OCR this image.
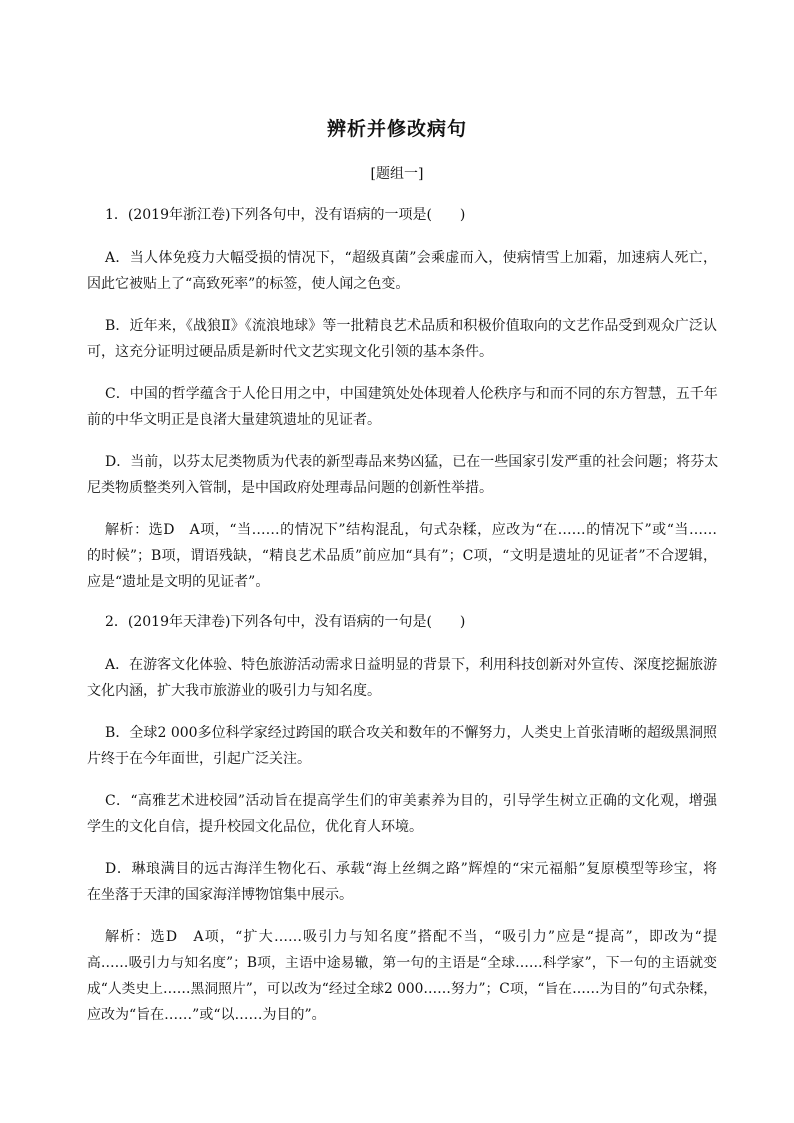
辨析并修改病句
[题组一]
1．(2019年浙江卷)下列各句中，没有语病的一项是(　　)
A．当人体免疫力大幅受损的情况下，“超级真菌”会乘虚而入，使病情雪上加霜，加速病人死亡，
因此它被贴上了“高致死率”的标签，使人闻之色变。
B．近年来，《战狼Ⅱ》《流浪地球》等一批精良艺术品质和积极价值取向的文艺作品受到观众广泛认
可，这充分证明过硬品质是新时代文艺实现文化引领的基本条件。
C．中国的哲学蕴含于人伦日用之中，中国建筑处处体现着人伦秩序与和而不同的东方智慧，五千年
前的中华文明正是良渚大量建筑遗址的见证者。
D．当前，以芬太尼类物质为代表的新型毒品来势凶猛，已在一些国家引发严重的社会问题；将芬太
尼类物质整类列入管制，是中国政府处理毒品问题的创新性举措。
解析：选D　A项，“当……的情况下”结构混乱，句式杂糅，应改为“在……的情况下”或“当……
的时候”；B项，谓语残缺，“精良艺术品质”前应加“具有”；C项，“文明是遗址的见证者”不合逻辑，
应是“遗址是文明的见证者”。
2．(2019年天津卷)下列各句中，没有语病的一句是(　　)
A．在游客文化体验、特色旅游活动需求日益明显的背景下，利用科技创新对外宣传、深度挖掘旅游
文化内涵，扩大我市旅游业的吸引力与知名度。
B．全球2 000多位科学家经过跨国的联合攻关和数年的不懈努力，人类史上首张清晰的超级黑洞照
片终于在今年面世，引起广泛关注。
C．“高雅艺术进校园”活动旨在提高学生们的审美素养为目的，引导学生树立正确的文化观，增强
学生的文化自信，提升校园文化品位，优化育人环境。
D．琳琅满目的远古海洋生物化石、承载“海上丝绸之路”辉煌的“宋元福船”复原模型等珍宝，将
在坐落于天津的国家海洋博物馆集中展示。
解析：选D　A项，“扩大……吸引力与知名度”搭配不当，“吸引力”应是“提高”，即改为“提
高……吸引力与知名度”；B项，主语中途易辙，第一句的主语是“全球……科学家”，下一句的主语就变
成“人类史上……黑洞照片”，可以改为“经过全球2 000……努力”；C项，“旨在……为目的”句式杂糅，
应改为“旨在……”或“以……为目的”。
